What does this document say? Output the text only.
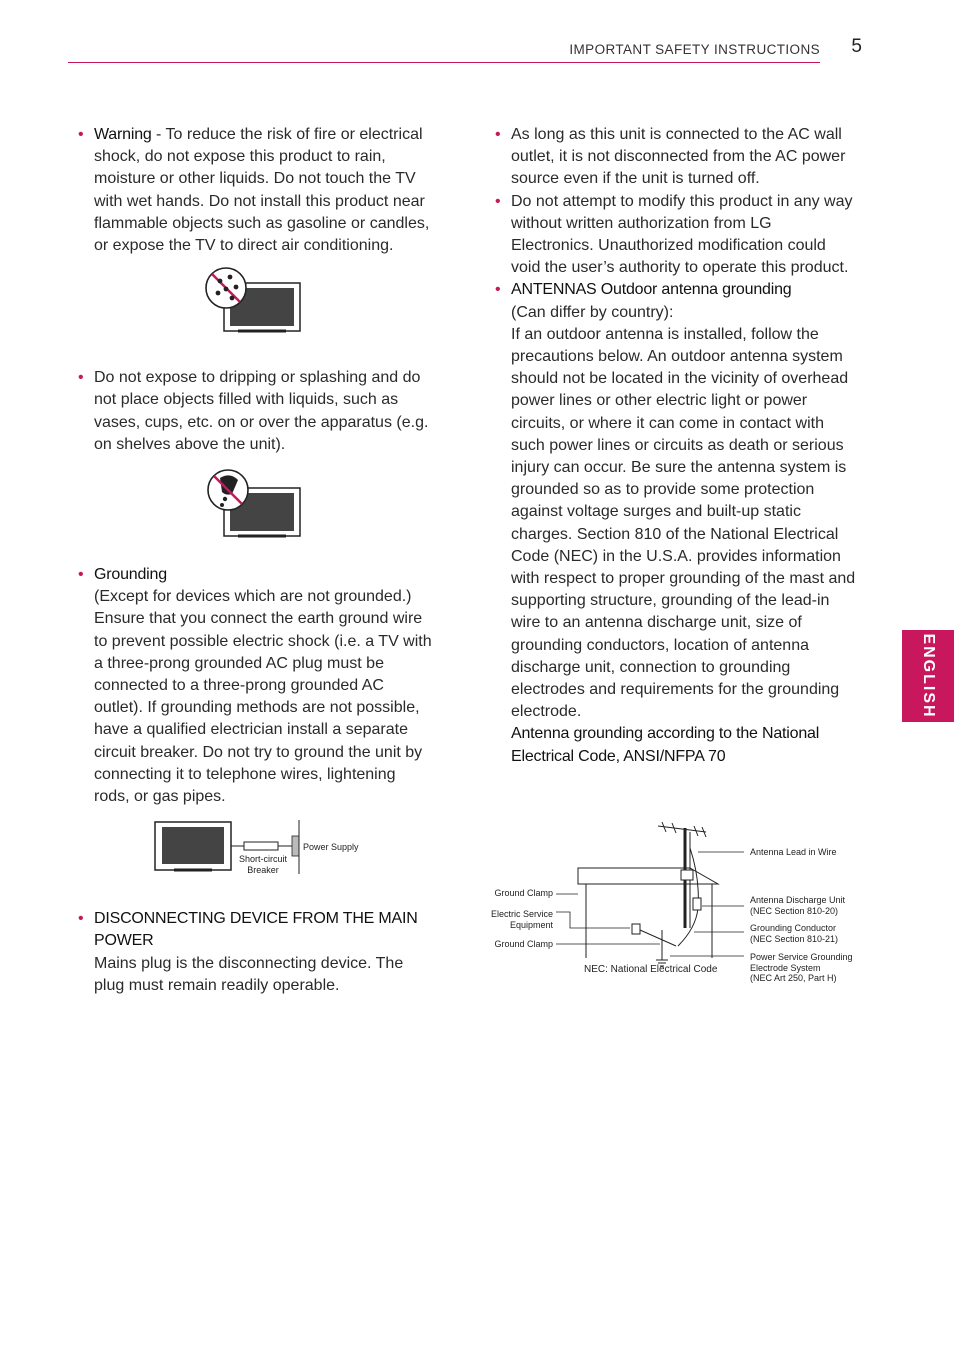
IMPORTANT SAFETY INSTRUCTIONS 5
ENGLISH

• Warning - To reduce the risk of fire or electrical shock, do not expose this product to rain, moisture or other liquids. Do not touch the TV with wet hands. Do not install this product near flammable objects such as gasoline or candles, or expose the TV to direct air conditioning.

• Do not expose to dripping or splashing and do not place objects filled with liquids, such as vases, cups, etc. on or over the apparatus (e.g. on shelves above the unit).

• Grounding
(Except for devices which are not grounded.) Ensure that you connect the earth ground wire to prevent possible electric shock (i.e. a TV with a three-prong grounded AC plug must be connected to a three-prong grounded AC outlet). If grounding methods are not possible, have a qualified electrician install a separate circuit breaker. Do not try to ground the unit by connecting it to telephone wires, lightening rods, or gas pipes.

Power Supply
Short-circuit
Breaker

• DISCONNECTING DEVICE FROM THE MAIN POWER
Mains plug is the disconnecting device. The plug must remain readily operable.

• As long as this unit is connected to the AC wall outlet, it is not disconnected from the AC power source even if the unit is turned off.

• Do not attempt to modify this product in any way without written authorization from LG Electronics. Unauthorized modification could void the user’s authority to operate this product.

• ANTENNAS Outdoor antenna grounding
(Can differ by country):
If an outdoor antenna is installed, follow the precautions below. An outdoor antenna system should not be located in the vicinity of overhead power lines or other electric light or power circuits, or where it can come in contact with such power lines or circuits as death or serious injury can occur. Be sure the antenna system is grounded so as to provide some protection against voltage surges and built-up static charges. Section 810 of the National Electrical Code (NEC) in the U.S.A. provides information with respect to proper grounding of the mast and supporting structure, grounding of the lead-in wire to an antenna discharge unit, size of grounding conductors, location of antenna discharge unit, connection to grounding electrodes and requirements for the grounding electrode.
Antenna grounding according to the National Electrical Code, ANSI/NFPA 70

Antenna Lead in Wire
Ground Clamp
Electric Service
Equipment
Ground Clamp
Antenna Discharge Unit
(NEC Section 810-20)
Grounding Conductor
(NEC Section 810-21)
Power Service Grounding
Electrode System
(NEC Art 250, Part H)
NEC: National Electrical Code
